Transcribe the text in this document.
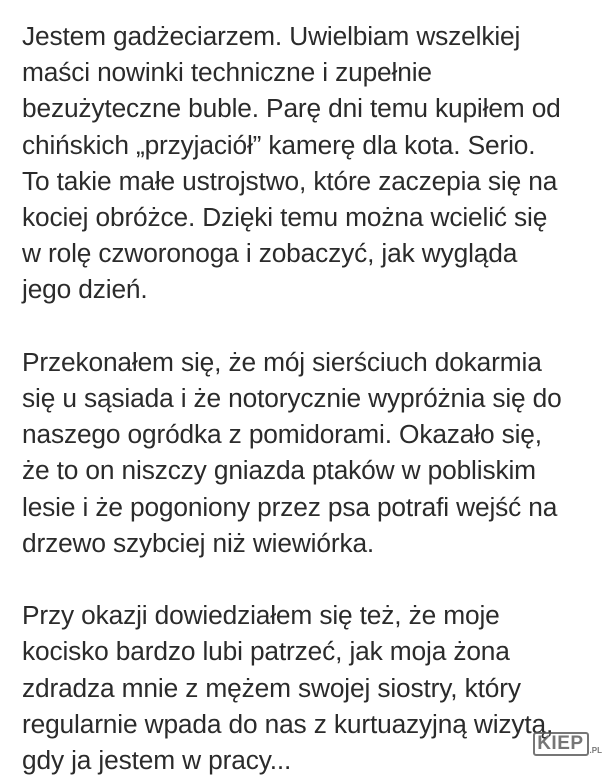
Jestem gadżeciarzem. Uwielbiam wszelkiej
maści nowinki techniczne i zupełnie
bezużyteczne buble. Parę dni temu kupiłem od
chińskich „przyjaciół” kamerę dla kota. Serio.
To takie małe ustrojstwo, które zaczepia się na
kociej obróżce. Dzięki temu można wcielić się
w rolę czworonoga i zobaczyć, jak wygląda
jego dzień.

Przekonałem się, że mój sierściuch dokarmia
się u sąsiada i że notorycznie wypróżnia się do
naszego ogródka z pomidorami. Okazało się,
że to on niszczy gniazda ptaków w pobliskim
lesie i że pogoniony przez psa potrafi wejść na
drzewo szybciej niż wiewiórka.

Przy okazji dowiedziałem się też, że moje
kocisko bardzo lubi patrzeć, jak moja żona
zdradza mnie z mężem swojej siostry, który
regularnie wpada do nas z kurtuazyjną wizytą,
gdy ja jestem w pracy...

KIEP .PL
